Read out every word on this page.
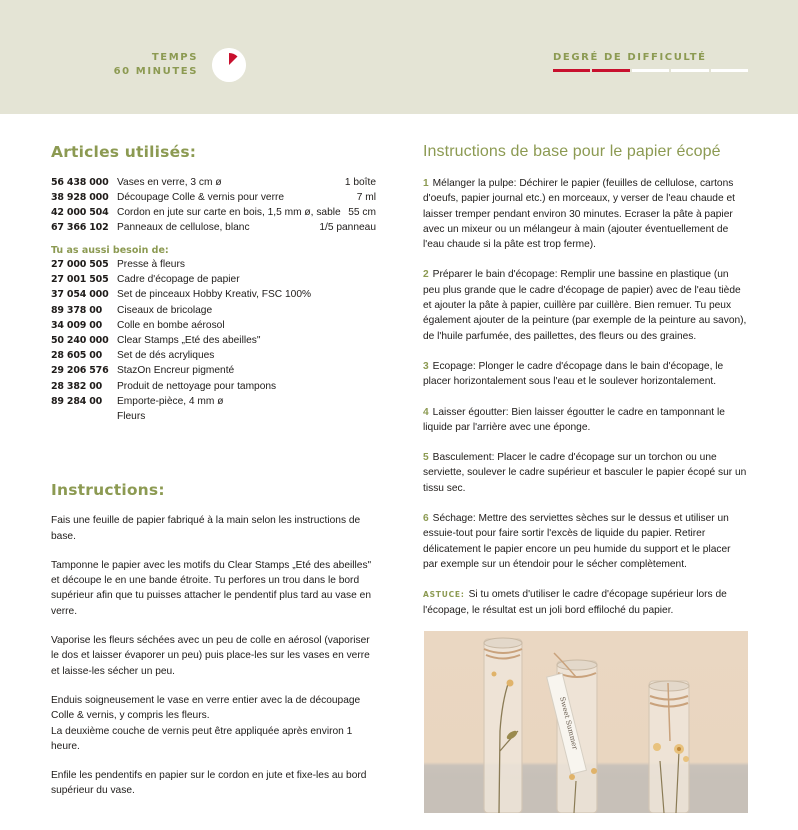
TEMPS
60 MINUTES
DEGRÉ DE DIFFICULTÉ
Articles utilisés:
56 438 000 Vases en verre, 3 cm ø	1 boîte
38 928 000 Découpage Colle & vernis pour verre	7 ml
42 000 504 Cordon en jute sur carte en bois, 1,5 mm ø, sable 55 cm
67 366 102 Panneaux de cellulose, blanc	1/5 panneau
Tu as aussi besoin de:
27 000 505 Presse à fleurs
27 001 505 Cadre d'écopage de papier
37 054 000 Set de pinceaux Hobby Kreativ, FSC 100%
89 378 00	Ciseaux de bricolage
34 009 00	Colle en bombe aérosol
50 240 000 Clear Stamps „Eté des abeilles"
28 605 00	Set de dés acryliques
29 206 576 StazOn Encreur pigmenté
28 382 00	Produit de nettoyage pour tampons
89 284 00	Emporte-pièce, 4 mm ø
Fleurs
Instructions:

Fais une feuille de papier fabriqué à la main selon les instructions de base.

Tamponne le papier avec les motifs du Clear Stamps „Eté des abeilles" et découpe le en une bande étroite. Tu perfores un trou dans le bord supérieur afin que tu puisses attacher le pendentif plus tard au vase en verre.

Vaporise les fleurs séchées avec un peu de colle en aérosol (vaporiser le dos et laisser évaporer un peu) puis place-les sur les vases en verre et laisse-les sécher un peu.

Enduis soigneusement le vase en verre entier avec la de découpage Colle & vernis, y compris les fleurs.

La deuxième couche de vernis peut être appliquée après environ 1 heure.

Enfile les pendentifs en papier sur le cordon en jute et fixe-les au bord supérieur du vase.

Instructions de base pour le papier écopé

1 Mélanger la pulpe: Déchirer le papier (feuilles de cellulose, cartons d'oeufs, papier journal etc.) en morceaux, y verser de l'eau chaude et laisser tremper pendant environ 30 minutes. Ecraser la pâte à papier avec un mixeur ou un mélangeur à main (ajouter éventuellement de l'eau chaude si la pâte est trop ferme).

2 Préparer le bain d'écopage: Remplir une bassine en plastique (un peu plus grande que le cadre d'écopage de papier) avec de l'eau tiède et ajouter la pâte à papier, cuillère par cuillère. Bien remuer. Tu peux également ajouter de la peinture (par exemple de la peinture au savon), de l'huile parfumée, des paillettes, des fleurs ou des graines.

3 Ecopage: Plonger le cadre d'écopage dans le bain d'écopage, le placer horizontalement sous l'eau et le soulever horizontalement.

4 Laisser égoutter: Bien laisser égoutter le cadre en tamponnant le liquide par l'arrière avec une éponge.

5 Basculement: Placer le cadre d'écopage sur un torchon ou une serviette, soulever le cadre supérieur et basculer le papier écopé sur un tissu sec.

6 Séchage: Mettre des serviettes sèches sur le dessus et utiliser un essuie-tout pour faire sortir l'excès de liquide du papier. Retirer délicatement le papier encore un peu humide du support et le placer par exemple sur un étendoir pour le sécher complètement.

ASTUCE: Si tu omets d'utiliser le cadre d'écopage supérieur lors de l'écopage, le résultat est un joli bord effiloché du papier.

Sweet Summer
